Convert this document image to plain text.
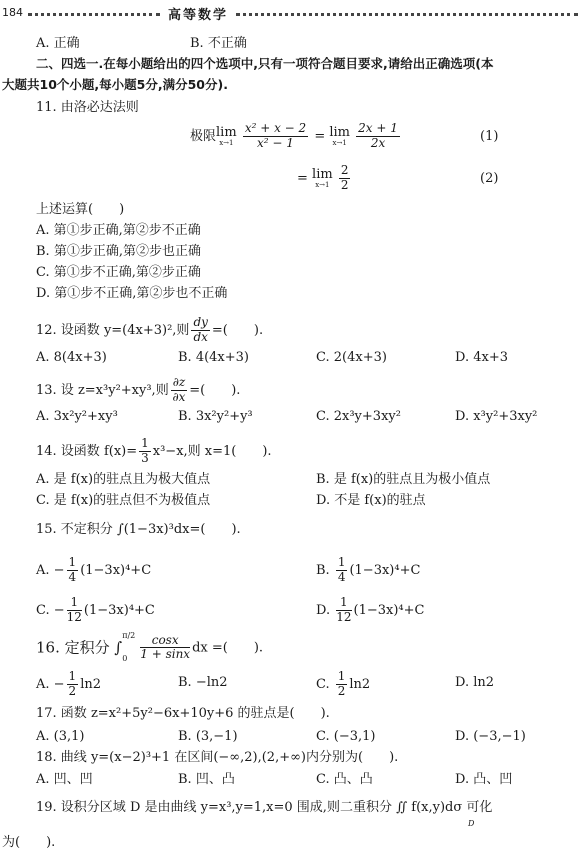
184	高等数学
A. 正确	B. 不正确
二、四选一.在每小题给出的四个选项中,只有一项符合题目要求,请给出正确选项(本
大题共10个小题,每小题5分,满分50分).
11. 由洛必达法则
极限lim
x→1
$\frac{\text{x² + x − 2}}{\text{x² − 1}} = \lim$
x→1
$\frac{2x + 1}{2x}$	(1)
= lim
x→1
$\frac{2}{2}$	(2)
上述运算(　　)
A. 第①步正确,第②步不正确
B. 第①步正确,第②步也正确
C. 第①步不正确,第②步正确
D. 第①步不正确,第②步也不正确
12. 设函数 y=(4x+3)²,则 $\frac{dy}{dx}$ =(　　).
A. 8(4x+3)	B. 4(4x+3)	C. 2(4x+3)	D. 4x+3
13. 设 z=x³y²+xy³,则 $\frac{\partial z}{\partial x}$ =(　　).
A. 3x²y²+xy³	B. 3x²y²+y³	C. 2x³y+3xy²	D. x³y²+3xy²
14. 设函数 $f(x)= \frac{1}{3} x^3-x$,则 x=1(　　).
A. 是 f(x)的驻点且为极大值点	B. 是 f(x)的驻点且为极小值点
C. 是 f(x)的驻点但不为极值点	D. 不是 f(x)的驻点
15. 不定积分 ∫(1−3x)³dx=(　　).
A. − $\frac{1}{4} (1-3x)^4+C$	B. $\frac{1}{4} (1-3x)^4+C$
C. − $\frac{1}{12} (1-3x)^4+C$	D. $\frac{1}{12} (1-3x)^4+C$
16. 定积分 ∫
π/2
0	$\frac{\cos x}{1 + \sin x}$ dx =(　　).
A. − $\frac{1}{2} \ln 2$	B. −ln2	C. $\frac{1}{2} \ln 2$	D. ln2
17. 函数 z=x²+5y²−6x+10y+6 的驻点是(　　).
A. (3,1)	B. (3,−1)	C. (−3,1)	D. (−3,−1)
18. 曲线 y=(x−2)³+1 在区间(−∞,2),(2,+∞)内分别为(　　).
A. 凹、凹	B. 凹、凸	C. 凸、凸	D. 凸、凹
19. 设积分区域 D 是由曲线 y=x³,y=1,x=0 围成,则二重积分 ∬ f(x,y)dσ 可化
D
为(　　).
